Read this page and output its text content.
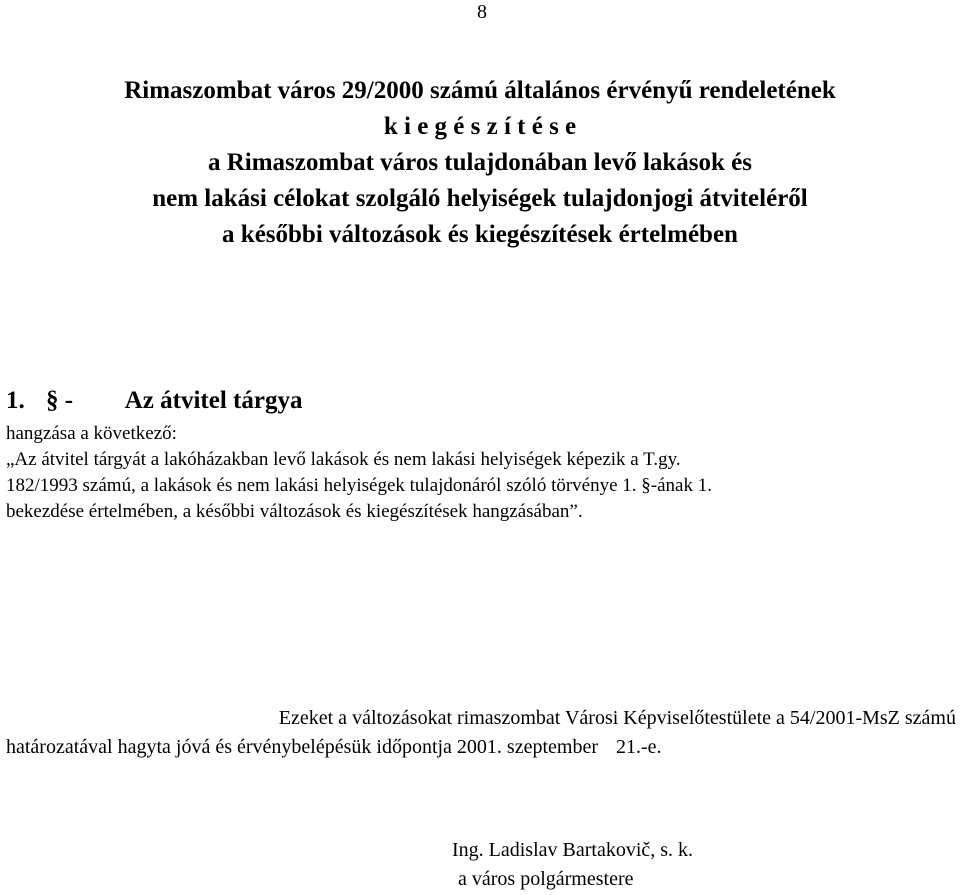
8
Rimaszombat város 29/2000 számú általános érvényű rendeletének
k i e g é s z í t é s e
a Rimaszombat város tulajdonában levő lakások és
nem lakási célokat szolgáló helyiségek tulajdonjogi átviteléről
a későbbi változások és kiegészítések értelmében
1. § - Az átvitel tárgya
hangzása a következő:
„Az átvitel tárgyát a lakóházakban levő lakások és nem lakási helyiségek képezik a T.gy.
182/1993 számú, a lakások és nem lakási helyiségek tulajdonáról szóló törvénye 1. §-ának 1.
bekezdése értelmében, a későbbi változások és kiegészítések hangzásában”.
Ezeket a változásokat rimaszombat Városi Képviselőtestülete a 54/2001-MsZ számú
határozatával hagyta jóvá és érvénybelépésük időpontja 2001. szeptember 21.-e.
Ing. Ladislav Bartakovič, s. k.
a város polgármestere
